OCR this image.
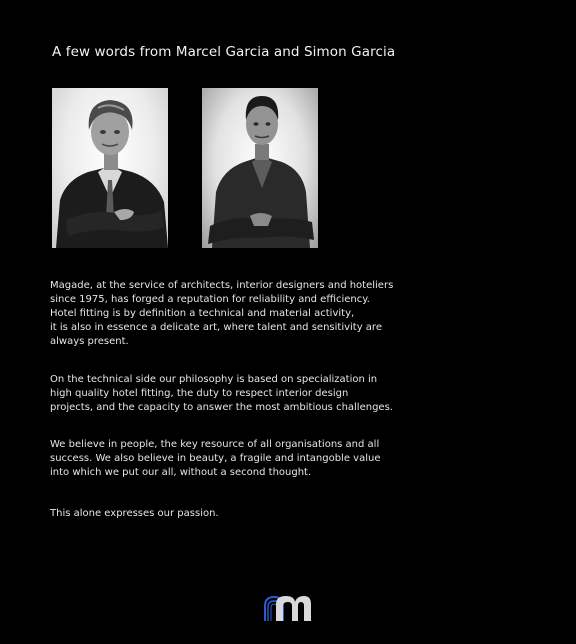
A few words from Marcel Garcia and Simon Garcia

Magade, at the service of architects, interior designers and hoteliers
since 1975, has forged a reputation for reliability and efficiency.
Hotel fitting is by definition a technical and material activity,
it is also in essence a delicate art, where talent and sensitivity are
always present.

On the technical side our philosophy is based on specialization in
high quality hotel fitting, the duty to respect interior design
projects, and the capacity to answer the most ambitious challenges.

We believe in people, the key resource of all organisations and all
success. We also believe in beauty, a fragile and intangoble value
into which we put our all, without a second thought.

This alone expresses our passion.
